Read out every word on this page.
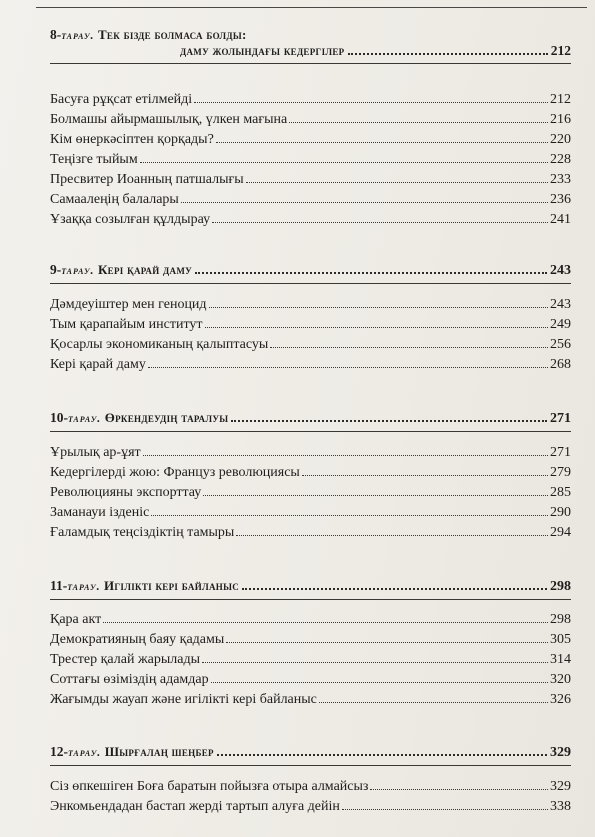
8- тарау.
Тек бізде болмаса болды:
даму жолындағы кедергілер	212
Басуға рұқсат етілмейді	212
Болмашы айырмашылық, үлкен мағына	216
Кім өнеркәсіптен қорқады?	220
Теңізге тыйым	228
Пресвитер Иоанның патшалығы	233
Самаалеңің балалары	236
Ұзаққа созылған құлдырау	241
9- тарау.
Кері қарай даму	243
Дәмдеуіштер мен геноцид	243
Тым қарапайым институт	249
Қосарлы экономиканың қалыптасуы	256
Кері қарай даму	268
10- тарау.
Өркендеудің таралуы	271
Ұрылық ар-ұят	271
Кедергілерді жою: Француз революциясы	279
Революцияны экспорттау	285
Заманауи ізденіс	290
Ғаламдық теңсіздіктің тамыры	294
11- тарау.
Игілікті кері байланыс	298
Қара акт	298
Демократияның баяу қадамы	305
Трестер қалай жарылады	314
Соттағы өзіміздің адамдар	320
Жағымды жауап және игілікті кері байланыс	326
12- тарау.
Шырғалаң шеңбер	329
Сіз өпкешіген Боға баратын пойызға отыра алмайсыз	329
Энкомьендадан бастап жерді тартып алуға дейін	338
